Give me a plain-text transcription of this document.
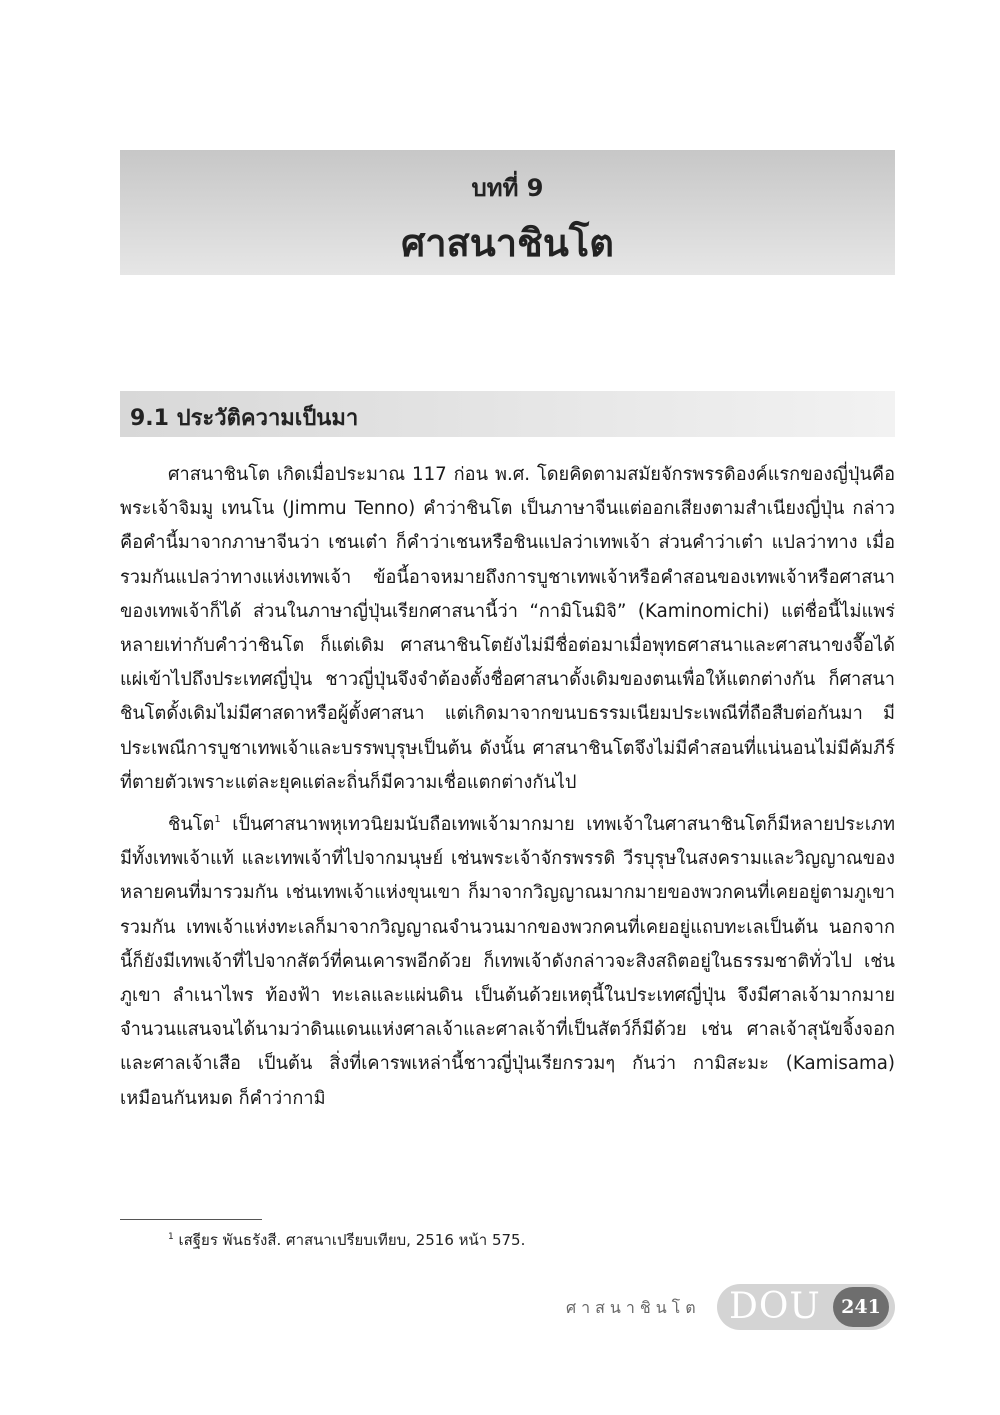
บทที่ 9
ศาสนาชินโต
9.1 ประวัติความเป็นมา

ศาสนาชินโต เกิดเมื่อประมาณ 117 ก่อน พ.ศ. โดยคิดตามสมัยจักรพรรดิองค์แรกของญี่ปุ่นคือ พระเจ้าจิมมู เทนโน (Jimmu Tenno) คำว่าชินโต เป็นภาษาจีนแต่ออกเสียงตามสำเนียงญี่ปุ่น กล่าวคือคำนี้มาจากภาษาจีนว่า เชนเต๋า ก็คำว่าเชนหรือชินแปลว่าเทพเจ้า ส่วนคำว่าเต๋า แปลว่าทาง เมื่อรวมกันแปลว่าทางแห่งเทพเจ้า ข้อนี้อาจหมายถึงการบูชาเทพเจ้าหรือคำสอนของเทพเจ้าหรือศาสนาของเทพเจ้าก็ได้ ส่วนในภาษาญี่ปุ่นเรียกศาสนานี้ว่า “กามิโนมิจิ” (Kaminomichi) แต่ชื่อนี้ไม่แพร่หลายเท่ากับคำว่าชินโต ก็แต่เดิม ศาสนาชินโตยังไม่มีชื่อต่อมาเมื่อพุทธศาสนาและศาสนาขงจื๊อได้แผ่เข้าไปถึงประเทศญี่ปุ่น ชาวญี่ปุ่นจึงจำต้องตั้งชื่อศาสนาดั้งเดิมของตนเพื่อให้แตกต่างกัน ก็ศาสนาชินโตดั้งเดิมไม่มีศาสดาหรือผู้ตั้งศาสนา แต่เกิดมาจากขนบธรรมเนียมประเพณีที่ถือสืบต่อกันมา มีประเพณีการบูชาเทพเจ้าและบรรพบุรุษเป็นต้น ดังนั้น ศาสนาชินโตจึงไม่มีคำสอนที่แน่นอนไม่มีคัมภีร์ที่ตายตัวเพราะแต่ละยุคแต่ละถิ่นก็มีความเชื่อแตกต่างกันไป

ชินโต$^1$ เป็นศาสนาพหุเทวนิยมนับถือเทพเจ้ามากมาย เทพเจ้าในศาสนาชินโตก็มีหลายประเภท มีทั้งเทพเจ้าแท้ และเทพเจ้าที่ไปจากมนุษย์ เช่นพระเจ้าจักรพรรดิ วีรบุรุษในสงครามและวิญญาณของหลายคนที่มารวมกัน เช่นเทพเจ้าแห่งขุนเขา ก็มาจากวิญญาณมากมายของพวกคนที่เคยอยู่ตามภูเขารวมกัน เทพเจ้าแห่งทะเลก็มาจากวิญญาณจำนวนมากของพวกคนที่เคยอยู่แถบทะเลเป็นต้น นอกจากนี้ก็ยังมีเทพเจ้าที่ไปจากสัตว์ที่คนเคารพอีกด้วย ก็เทพเจ้าดังกล่าวจะสิงสถิตอยู่ในธรรมชาติทั่วไป เช่น ภูเขา ลำเนาไพร ท้องฟ้า ทะเลและแผ่นดิน เป็นต้นด้วยเหตุนี้ในประเทศญี่ปุ่น จึงมีศาลเจ้ามากมายจำนวนแสนจนได้นามว่าดินแดนแห่งศาลเจ้าและศาลเจ้าที่เป็นสัตว์ก็มีด้วย เช่น ศาลเจ้าสุนัขจิ้งจอก และศาลเจ้าเสือ เป็นต้น สิ่งที่เคารพเหล่านี้ชาวญี่ปุ่นเรียกรวมๆ กันว่า กามิสะมะ (Kamisama) เหมือนกันหมด ก็คำว่ากามิ

$^1$ เสฐียร พันธรังสี. ศาสนาเปรียบเทียบ, 2516 หน้า 575.
ศาสนาชินโต DOU	241
